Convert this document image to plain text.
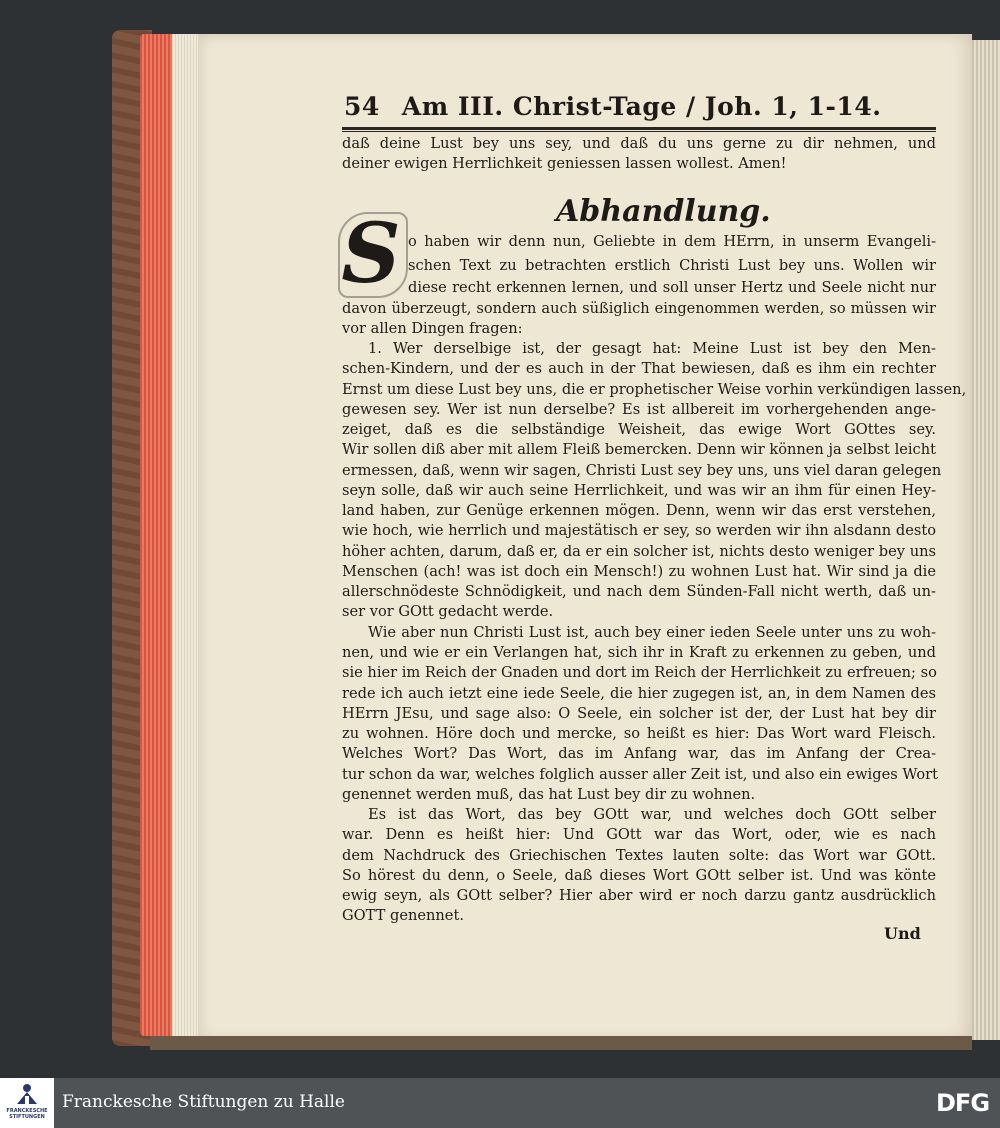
54 Am III. Christ-Tage / Joh. 1, 1-14.
daß deine Lust bey uns sey, und daß du uns gerne zu dir nehmen, und
deiner ewigen Herrlichkeit geniessen lassen wollest. Amen!
Abhandlung.
S o haben wir denn nun, Geliebte in dem HErrn, in unserm Evangeli-
schen Text zu betrachten erstlich Christi Lust bey uns. Wollen wir
diese recht erkennen lernen, und soll unser Hertz und Seele nicht nur
davon überzeugt, sondern auch süßiglich eingenommen werden, so müssen wir
vor allen Dingen fragen:
1. Wer derselbige ist, der gesagt hat: Meine Lust ist bey den Men-
schen-Kindern, und der es auch in der That bewiesen, daß es ihm ein rechter
Ernst um diese Lust bey uns, die er prophetischer Weise vorhin verkündigen lassen,
gewesen sey. Wer ist nun derselbe? Es ist allbereit im vorhergehenden ange-
zeiget, daß es die selbständige Weisheit, das ewige Wort GOttes sey.
Wir sollen diß aber mit allem Fleiß bemercken. Denn wir können ja selbst leicht
ermessen, daß, wenn wir sagen, Christi Lust sey bey uns, uns viel daran gelegen
seyn solle, daß wir auch seine Herrlichkeit, und was wir an ihm für einen Hey-
land haben, zur Genüge erkennen mögen. Denn, wenn wir das erst verstehen,
wie hoch, wie herrlich und majestätisch er sey, so werden wir ihn alsdann desto
höher achten, darum, daß er, da er ein solcher ist, nichts desto weniger bey uns
Menschen (ach! was ist doch ein Mensch!) zu wohnen Lust hat. Wir sind ja die
allerschnödeste Schnödigkeit, und nach dem Sünden-Fall nicht werth, daß un-
ser vor GOtt gedacht werde.
Wie aber nun Christi Lust ist, auch bey einer ieden Seele unter uns zu woh-
nen, und wie er ein Verlangen hat, sich ihr in Kraft zu erkennen zu geben, und
sie hier im Reich der Gnaden und dort im Reich der Herrlichkeit zu erfreuen; so
rede ich auch ietzt eine iede Seele, die hier zugegen ist, an, in dem Namen des
HErrn JEsu, und sage also: O Seele, ein solcher ist der, der Lust hat bey dir
zu wohnen. Höre doch und mercke, so heißt es hier: Das Wort ward Fleisch.
Welches Wort? Das Wort, das im Anfang war, das im Anfang der Crea-
tur schon da war, welches folglich ausser aller Zeit ist, und also ein ewiges Wort
genennet werden muß, das hat Lust bey dir zu wohnen.
Es ist das Wort, das bey GOtt war, und welches doch GOtt selber
war. Denn es heißt hier: Und GOtt war das Wort, oder, wie es nach
dem Nachdruck des Griechischen Textes lauten solte: das Wort war GOtt.
So hörest du denn, o Seele, daß dieses Wort GOtt selber ist. Und was könte
ewig seyn, als GOtt selber? Hier aber wird er noch darzu gantz ausdrücklich
GOTT genennet.
Und
FRANCKESCHE
STIFTUNGEN
Franckesche Stiftungen zu Halle	DFG
